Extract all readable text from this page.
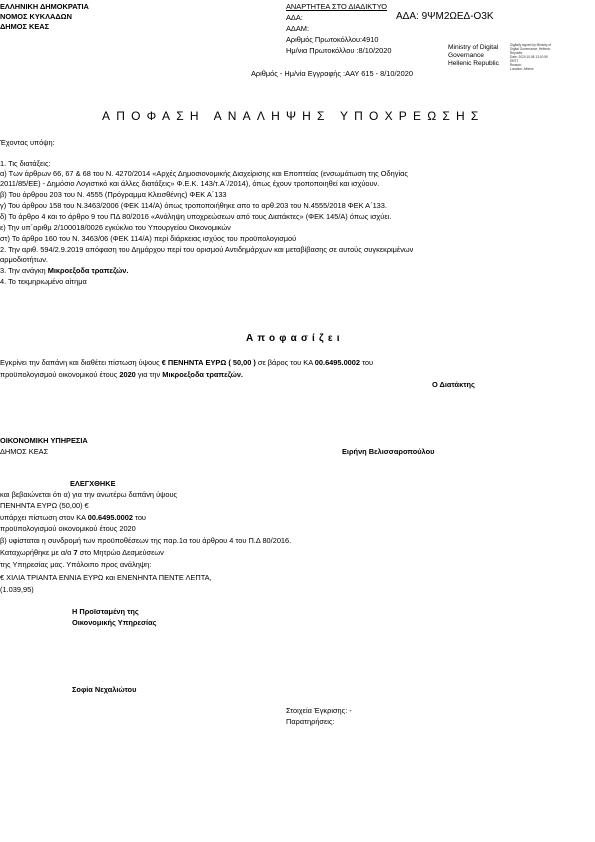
ΕΛΛΗΝΙΚΗ ΔΗΜΟΚΡΑΤΙΑ
ΝΟΜΟΣ ΚΥΚΛΑΔΩΝ
ΔΗΜΟΣ ΚΕΑΣ
ΑΝΑΡΤΗΤΕΑ ΣΤΟ ΔΙΑΔΙΚΤΥΟ
ΑΔΑ:	ΑΔΑ: 9ΨΜ2ΩΕΔ-Ο3Κ
ΑΔΑΜ:
Αριθμός Πρωτοκόλλου:4910
Ημ/νια Πρωτοκόλλου :8/10/2020
Αριθμός - Ημ/νία Εγγραφής :ΑΑΥ 615 - 8/10/2020
Ministry of Digital
Governance
Hellenic Republic
Digitally signed by Ministry of
Digital Governance, Hellenic
Republic
Date: 2020.10.08 13:10:59
EEST
Reason:
Location: Athens
ΑΠΟΦΑΣΗ ΑΝΑΛΗΨΗΣ ΥΠΟΧΡΕΩΣΗΣ
Έχοντας υπόψη:
1. Τις διατάξεις:
α) Των άρθρων 66, 67 & 68 του Ν. 4270/2014 «Αρχές Δημοσιονομικής Διαχείρισης και Εποπτείας (ενσωμάτωση της Οδηγίας
2011/85/ΕΕ) - Δημόσιο Λογιστικό και άλλες διατάξεις» Φ.Ε.Κ. 143/τ.Α΄/2014), όπως έχουν τροποποιηθεί και ισχύουν.
β) Του άρθρου 203 του Ν. 4555 (Πρόγραμμα Κλεισθένης) ΦΕΚ Α΄133
γ) Του άρθρου 158 του Ν.3463/2006 (ΦΕΚ 114/Α) όπως τροποποιήθηκε απο το αρθ.203 του Ν.4555/2018 ΦΕΚ Α΄133.
δ) Το άρθρο 4 και το άρθρο 9 του ΠΔ 80/2016 «Ανάληψη υποχρεώσεων από τους Διατάκτες» (ΦΕΚ 145/Α) όπως ισχύει.
ε) Την υπ΄αριθμ 2/100018/0026 εγκύκλιο του Υπουργείου Οικονομικών
στ) Το άρθρο 160 του Ν. 3463/06 (ΦΕΚ 114/Α) περί διάρκειας ισχύος του προϋπολογισμού
2. Την αριθ. 594/2.9.2019 απόφαση του Δημάρχου περί του ορισμού Αντιδημάρχων και μεταβίβασης σε αυτούς συγκεκριμένων
αρμοδιοτήτων.
3. Την ανάγκη Μικροεξοδα τραπεζών.
4. Το τεκμηριωμένο αίτημα
Αποφασίζει
Εγκρίνει την δαπάνη και διαθέτει πίστωση ύψους € ΠΕΝΗΝΤΑ ΕΥΡΩ ( 50,00 ) σε βάρος του ΚΑ 00.6495.0002 του
προϋπολογισμού οικονομικού έτους 2020 για την Μικροεξοδα τραπεζών.
Ο Διατάκτης
ΟΙΚΟΝΟΜΙΚΗ ΥΠΗΡΕΣΙΑ
ΔΗΜΟΣ ΚΕΑΣ	Ειρήνη Βελισσαροπούλου
ΕΛΕΓΧΘΗΚΕ
και βεβαιώνεται ότι α) για την ανωτέρω δαπάνη ύψους
ΠΕΝΗΝΤΑ ΕΥΡΩ (50,00) €
υπάρχει πίστωση στον ΚΑ 00.6495.0002 του
προϋπολογισμού οικονομικού έτους 2020
β) υφίσταται η συνδρομή των προϋποθέσεων της παρ.1α του άρθρου 4 του Π.Δ 80/2016.
Καταχωρήθηκε με α/α 7 στο Μητρώο Δεσμεύσεων
της Υπηρεσίας μας. Υπόλοιπο προς ανάληψη:
€ ΧΙΛΙΑ ΤΡΙΑΝΤΑ ΕΝΝΙΑ ΕΥΡΩ και ΕΝΕΝΗΝΤΑ ΠΕΝΤΕ ΛΕΠΤΑ,
(1.039,95)
Η Προϊσταμένη της
Οικονομικής Υπηρεσίας
Σοφία Νεχαλιώτου
Στοιχεία Έγκρισης: -
Παρατηρήσεις:
